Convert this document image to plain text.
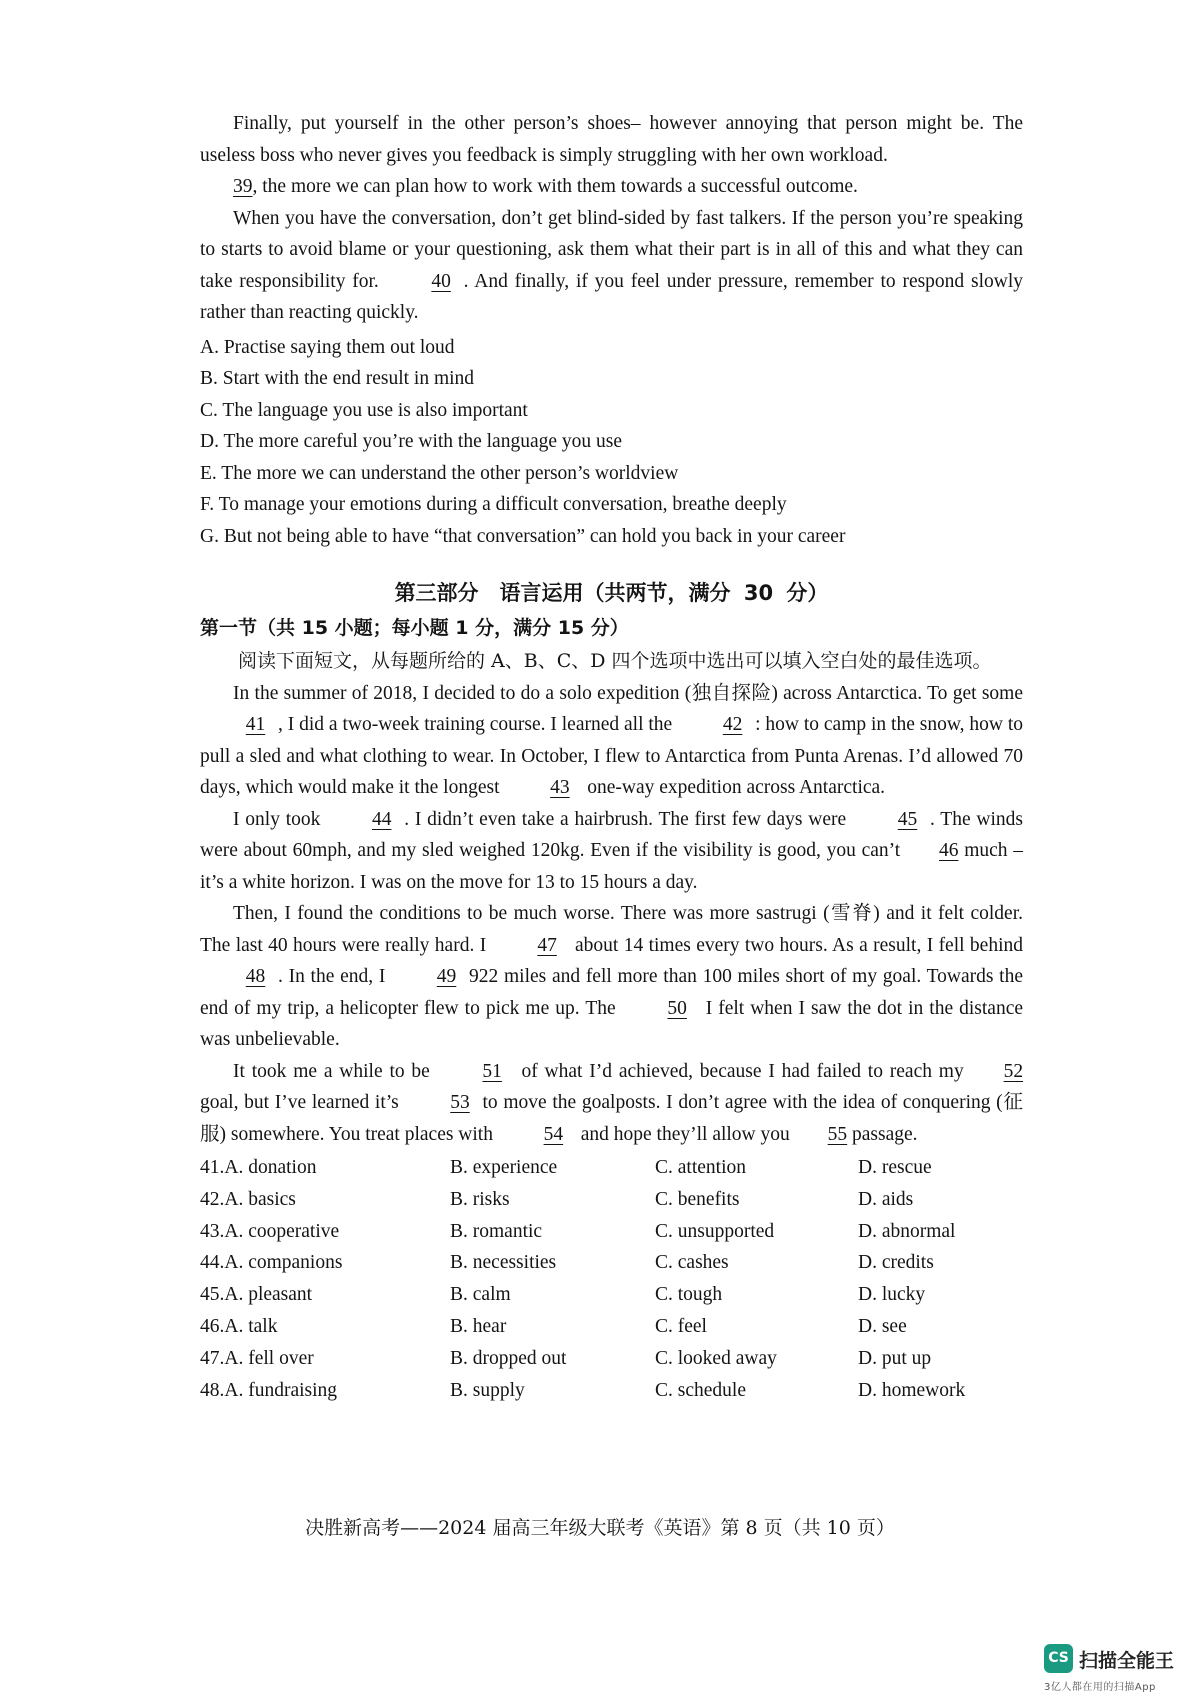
Finally, put yourself in the other person’s shoes– however annoying that person might be. The useless boss who never gives you feedback is simply struggling with her own workload.
39, the more we can plan how to work with them towards a successful outcome.

When you have the conversation, don’t get blind-sided by fast talkers. If the person you’re speaking to starts to avoid blame or your questioning, ask them what their part is in all of this and what they can take responsibility for.	40 . And finally, if you feel under pressure, remember to respond slowly rather than reacting quickly.

A. Practise saying them out loud

B. Start with the end result in mind

C. The language you use is also important

D. The more careful you’re with the language you use

E. The more we can understand the other person’s worldview

F. To manage your emotions during a difficult conversation, breathe deeply

G. But not being able to have “that conversation” can hold you back in your career

第三部分　语言运用（共两节，满分 30 分）
第一节（共 15 小题；每小题 1 分，满分 15 分）

阅读下面短文，从每题所给的 A、B、C、D 四个选项中选出可以填入空白处的最佳选项。

In the summer of 2018, I decided to do a solo expedition (独自探险) across Antarctica. To get some 41 , I did a two-week training course. I learned all the	42 : how to camp in the snow, how to pull a sled and what clothing to wear. In October, I flew to Antarctica from Punta Arenas. I’d allowed 70 days, which would make it the longest	43 one-way expedition across Antarctica.

I only took	44 . I didn’t even take a hairbrush. The first few days were	45 . The winds were about 60mph, and my sled weighed 120kg. Even if the visibility is good, you can’t 46 much – it’s a white horizon. I was on the move for 13 to 15 hours a day.

Then, I found the conditions to be much worse. There was more sastrugi (雪脊) and it felt colder. The last 40 hours were really hard. I	47 about 14 times every two hours. As a result, I fell behind 48 . In the end, I	49 922 miles and fell more than 100 miles short of my goal. Towards the end of my trip, a helicopter flew to pick me up. The	50 I felt when I saw the dot in the distance was unbelievable.

It took me a while to be	51 of what I’d achieved, because I had failed to reach my 52 goal, but I’ve learned it’s	53 to move the goalposts. I don’t agree with the idea of conquering (征服) somewhere. You treat places with	54 and hope they’ll allow you 55 passage.

41.A. donation	B. experience	C. attention	D. rescue
42.A. basics	B. risks	C. benefits	D. aids
43.A. cooperative	B. romantic	C. unsupported	D. abnormal
44.A. companions	B. necessities	C. cashes	D. credits
45.A. pleasant	B. calm	C. tough	D. lucky
46.A. talk	B. hear	C. feel	D. see
47.A. fell over	B. dropped out	C. looked away	D. put up
48.A. fundraising	B. supply	C. schedule	D. homework
决胜新高考——2024 届高三年级大联考《英语》第 8 页（共 10 页）
CS 扫描全能王
3亿人都在用的扫描App
